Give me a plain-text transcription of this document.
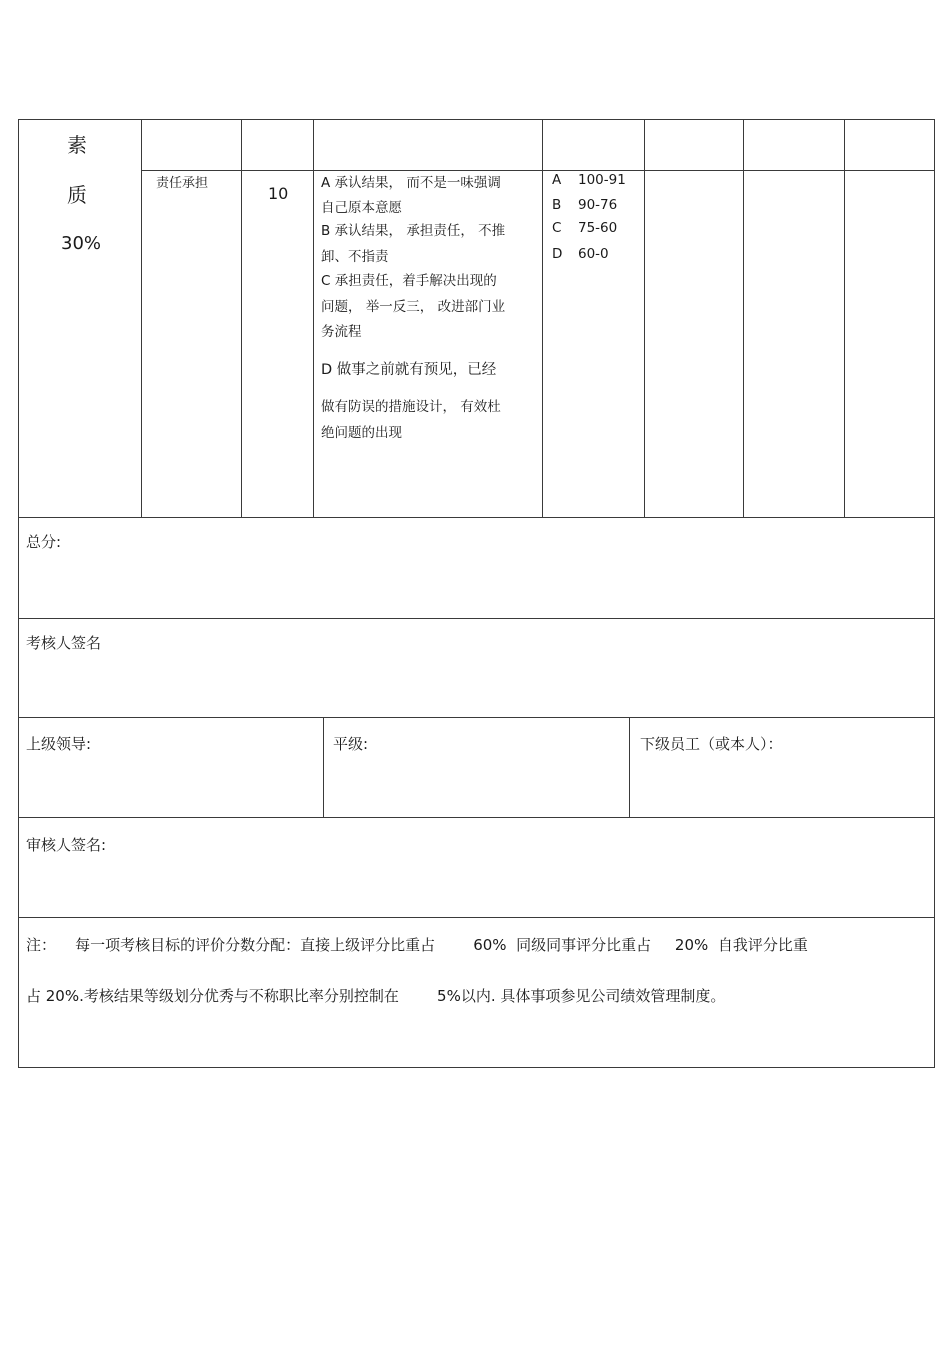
素
质
30%
责任承担
10
A 承认结果， 而不是一味强调
自己原本意愿
B 承认结果， 承担责任， 不推
卸、不指责
C 承担责任，着手解决出现的
问题， 举一反三， 改进部门业
务流程
D 做事之前就有预见，已经
做有防误的措施设计， 有效杜
绝问题的出现
A 100-91
B 90-76
C 75-60
D 60-0
总分:
考核人签名
上级领导:	平级:	下级员工（或本人）：
审核人签名:
注：    每一项考核目标的评价分数分配：直接上级评分比重占        60%  同级同事评分比重占     20%  自我评分比重
占 20%.考核结果等级划分优秀与不称职比率分别控制在        5%以内. 具体事项参见公司绩效管理制度。
